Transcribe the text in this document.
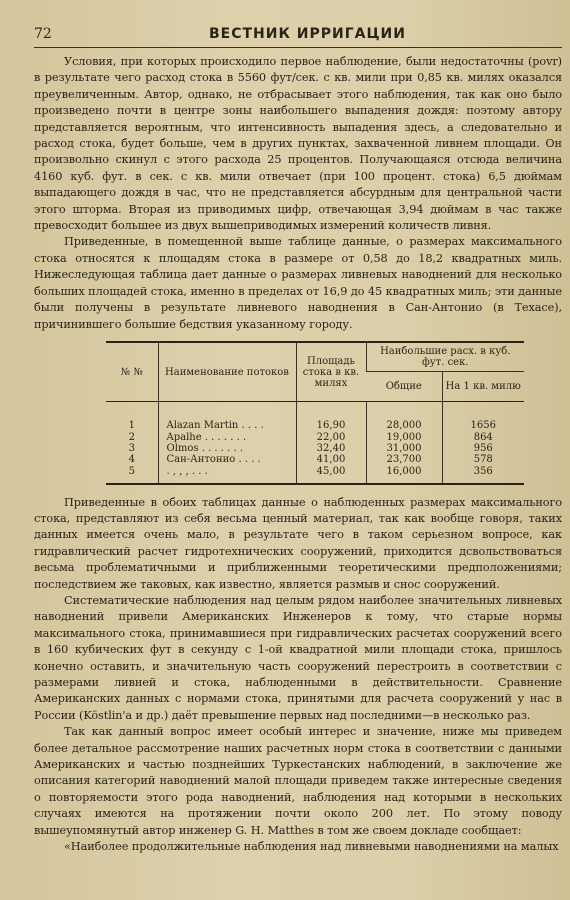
72	ВЕСТНИК ИРРИГАЦИИ

Условия, при которых происходило первое наблюдение, были недостаточны (povr) в результате чего расход стока в 5560 фут/сек. с кв. мили при 0,85 кв. милях оказался преувеличенным. Автор, однако, не отбрасывает этого наблюдения, так как оно было произведено почти в центре зоны наибольшего выпадения дождя: поэтому автору представляется вероятным, что интенсивность выпадения здесь, а следовательно и расход стока, будет больше, чем в других пунктах, захваченной ливнем площади. Он произвольно скинул с этого расхода 25 процентов. Получающаяся отсюда величина 4160 куб. фут. в сек. с кв. мили отвечает (при 100 процент. стока) 6,5 дюймам выпадающего дождя в час, что не представляется абсурдным для центральной части этого шторма. Вторая из приводимых цифр, отвечающая 3,94 дюймам в час также превосходит большее из двух вышеприводимых измерений количеств ливня.

Приведенные, в помещенной выше таблице данные, о размерах максимального стока относятся к площадям стока в размере от 0,58 до 18,2 квадратных миль. Нижеследующая таблица дает данные о размерах ливневых наводнений для несколько больших площадей стока, именно в пределах от 16,9 до 45 квадратных миль; эти данные были получены в результате ливневого наводнения в Сан-Антонио (в Техасе), причинившего большие бедствия указанному городу.

№ №	Наименование потоков	Площадь стока в кв. милях	Наибольшие расх. в куб. фут. сек.	
			Общие	На 1 кв. милю
1	Alazan Martin . . . .	16,90	28,000	1656
2	Apalhe . . . . . . .	22,00	19,000	864
3	Olmos . . . . . . .	32,40	31,000	956
4	Сан-Антонио . . . .	41,00	23,700	578
5	. , , , . . .	45,00	16,000	356

Приведенные в обоих таблицах данные о наблюденных размерах максимального стока, представляют из себя весьма ценный материал, так как вообще говоря, таких данных имеется очень мало, в результате чего в таком серьезном вопросе, как гидравлический расчет гидротехнических сооружений, приходится дсвольствоваться весьма проблематичными и приближенными теоретическими предположениями; последствием же таковых, как известно, является размыв и снос сооружений.

Систематические наблюдения над целым рядом наиболее значительных ливневых наводнений привели Американских Инженеров к тому, что старые нормы максимального стока, принимавшиеся при гидравлических расчетах сооружений всего в 160 кубических фут в секунду с 1-ой квадратной мили площади стока, пришлось конечно оставить, и значительную часть сооружений перестроить в соответствии с размерами ливней и стока, наблюденными в действительности. Сравнение Американских данных с нормами стока, принятыми для расчета сооружений у нас в России (Köstlin'а и др.) даёт превышение первых над последними—в несколько раз.

Так как данный вопрос имеет особый интерес и значение, ниже мы приведем более детальное рассмотрение наших расчетных норм стока в соответствии с данными Американских и частью позднейших Туркестанских наблюдений, в заключение же описания категорий наводнений малой площади приведем также интересные сведения о повторяемости этого рода наводнений, наблюдения над которыми в нескольких случаях имеются на протяжении почти около 200 лет. По этому поводу вышеупомянутый автор инженер G. H. Matthes в том же своем докладе сообщает:

«Наиболее продолжительные наблюдения над ливневыми наводнениями на малых
